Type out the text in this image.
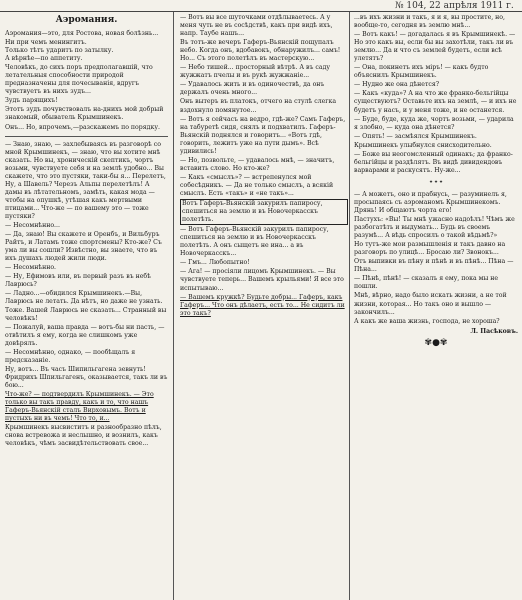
№ 104, 22 апрѣля 1911 г.
Аэромания.
Аэромания—это, для Ростова, новая болѣзнь...
Ни при чемъ менингитъ.
Только тѣтъ ударитъ по затылку.
А вѣрнѣе—по аппетиту.
Человѣкъ, до сихъ поръ предполагавшій, что летательныя способности природой предназначены для почесыванія, вдругъ чувствуетъ въ нихъ зудъ...
Зудъ парящихъ!
Этотъ зудъ почувствовалъ на-днихъ мой добрый знакомый, обыватель Крымшинекъ.
Онъ... Но, впрочемъ,—разскажемъ по порядку.
— Знаю, знаю, — захлебываясь въ разговорѣ со мной Крымшинекъ, — знаю, что вы хотите мнѣ сказать. Но вы, хроническій скептикъ, чортъ возьми, чувствуете себя и на землѣ удобно... Вы скажете, что это пустяки, таки-бы я... Перелетъ, Ну, а Шавель? Черезъ Альпы перелетѣлъ! А дамы въ лѣтательномъ, замѣть, какая мода — чтобы на опушкѣ, утѣшая какъ мертвыми птицами... Что-же — по вашему это — тоже пустяки?
— Несомнѣнно...
— Да, знаю! Вы скажете и Оренбъ, и Вильбуръ Райтъ, и Латамъ тоже спортсмены? Кто-же? Съ ума ли вы сошли? Извѣстно, вы знаете, что въ ихъ душахъ людей жили люди.
— Несомнѣнно.
— Ну, Ефимовъ или, въ первый разъ въ небѣ Лаврюсь?
— Ладно...—обидился Крымшинекъ.—Вы, Лаврюсь не летать. Да нѣтъ, но даже не узнать. Тоже. Вашей Лаврюсь не сказать... Странный вы человѣкъ!
— Пожалуй, ваша правда — вотъ-бы ни пасть, — отвѣтилъ я ему, когда не слишкомъ уже довѣрялъ.
— Несомнѣнно, однако, — пообѣщалъ я предсказаніе.
Ну, вотъ... Въ часъ Шипильгагена зевнуть! Фридрихъ Шпильгагенъ, оказывается, такъ ли въ бою...
Что-же? — подтвердилъ Крымшинекъ. — Это только вы такъ правду, какъ и то, что нашъ Гаферъ-Вьянскій сталъ Вирховымъ. Вотъ и пустыхъ ни въ чемъ! Что то, и...
Крымшинекъ высвиститъ и разнообразно пѣлъ, снова встревожа и неслышно, и вознилъ, какъ человѣкъ, чѣмъ засвидѣтельствовать свое...
— Вотъ вы все шуточками отдѣлываетесь. А у меня чуть не въ сосѣдствѣ, какъ при видѣ ихъ, напр. Таубе нашъ...
Въ тотъ-же вечеръ Гаферъ-Вьянскій пощупалъ небо. Когда онъ, вдобавокъ, обнаружилъ... самъ! Но... Съ этого полетѣлъ въ мастерскую...
— Небо тишей... просторный вѣтрѣ. А въ саду жужжатъ пчелы и въ рукѣ жужжаніе...
— Удавалось жить и въ одиночествѣ, да онъ держалъ очень много...
Онъ вытеръ въ платокъ, отчего на стулѣ слегка вздохнуло помянутое...
— Вотъ я сейчасъ на ведро, гдѣ-же? Самъ Гаферъ, на табуретѣ сидя, снялъ и подхватилъ. Гаферъ-Вьянскій поднялся и говоритъ... «Вотъ гдѣ, говорить, лежитъ уже на пути дымъ». Всѣ удивились!
— Но, позвольте, — удавалось мнѣ, — значитъ, вставить слово. Но кто-же?
— Какъ «смыслъ»? — встрепенулся мой собесѣдникъ. — Да не только смыслъ, а всякій смыслъ. Есть «такъ» и «не такъ»...
Вотъ Гаферъ-Вьянскій закурилъ папиросу, спешиться на землю и въ Новочеркасскъ полетѣть.
— Вотъ Гаферъ-Вьянскій закурилъ папиросу, спешиться на землю и въ Новочеркасскъ полетѣть. А онъ сыщетъ не ина... а въ Новочеркасскъ...
— Гмъ... Любопытно!
— Ага! — просіяли лицомъ Крымшинекъ. — Вы чувствуете теперь... Вашемъ крыльями! Я все это испытываю...
— Вашемъ кружкѣ? Будьте добры... Гаферъ, какъ Гаферъ... Что онъ дѣлаетъ, есть то... Не сидитъ ли это такъ?
...въ ихъ жизни и такъ, я и я, вы простите, но, вообще-то, сегодня въ землю мнѣ...
— Вотъ какъ! — догадалась я въ Крымшинекѣ. — Но это какъ вы, если бы вы захотѣли, такъ ли въ землю... Да и что съ землей будетъ, если всѣ улетятъ?
— Она, покинетъ ихъ міръ! — какъ будто объяснилъ Крымшинекъ.
— Нудно же она дѣнется?
— Какъ «куда»? А на что же франко-бельгійцы существуютъ? Оставьте ихъ на землѣ, — и ихъ не будетъ у насъ, и у меня тоже, и не останется.
— Буде, буде, куда же, чортъ возьми, — ударила я злобно, — куда она дѣнется?
— Опять! — засмѣялся Крымшинекъ.
Крымшинекъ улыбнулся снисходительно.
— Боже вы неогомсленный одинакъ; да франко-бельгійцы и раздѣлятъ. Въ видѣ дивидендовъ варварами и раскусятъ. Ну-же...
⋆⋆⋆
— А можетъ, оно и прабнусь, — разуминелъ я, просыпаясь съ аэроманомъ Крымшинекомъ. Дрянь! И общаютъ чорта его!
Пастухъ: «Вы! Ты мнѣ ужасно надоѣлъ! Чѣмъ же разбогатѣть и выдумать... Будь въ своемъ разумѣ... А вѣдь спросилъ о такой вѣдьмѣ?»
Но тутъ-же мои размышленія и такъ давно на разговоръ по улицѣ... Бросаю ли? Звонокъ...
Отъ выпивки въ пѣну и пѣнѣ и въ пѣнѣ... Пѣна — Пѣна...
— Пѣнѣ, пѣнѣ! — сказалъ я ему, пока мы не пошли.
Мнѣ, вѣрно, надо было искать жизни, а не той жизни, которая... Но такъ оно и вышло — закончилъ...
А какъ же ваша жизнь, господа, не хороша?
Л. Пасѣковъ.
✾●✾
